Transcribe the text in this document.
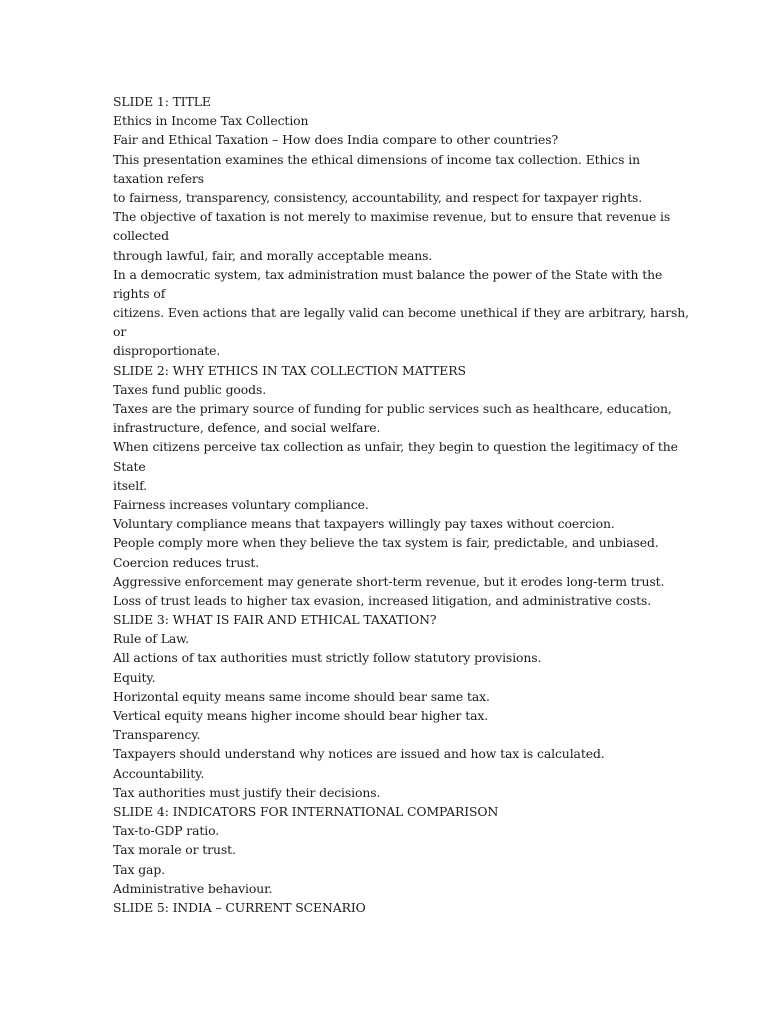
SLIDE 1: TITLE
Ethics in Income Tax Collection
Fair and Ethical Taxation – How does India compare to other countries?
This presentation examines the ethical dimensions of income tax collection. Ethics in
taxation refers
to fairness, transparency, consistency, accountability, and respect for taxpayer rights.
The objective of taxation is not merely to maximise revenue, but to ensure that revenue is
collected
through lawful, fair, and morally acceptable means.
In a democratic system, tax administration must balance the power of the State with the
rights of
citizens. Even actions that are legally valid can become unethical if they are arbitrary, harsh,
or
disproportionate.
SLIDE 2: WHY ETHICS IN TAX COLLECTION MATTERS
Taxes fund public goods.
Taxes are the primary source of funding for public services such as healthcare, education,
infrastructure, defence, and social welfare.
When citizens perceive tax collection as unfair, they begin to question the legitimacy of the
State
itself.
Fairness increases voluntary compliance.
Voluntary compliance means that taxpayers willingly pay taxes without coercion.
People comply more when they believe the tax system is fair, predictable, and unbiased.
Coercion reduces trust.
Aggressive enforcement may generate short-term revenue, but it erodes long-term trust.
Loss of trust leads to higher tax evasion, increased litigation, and administrative costs.
SLIDE 3: WHAT IS FAIR AND ETHICAL TAXATION?
Rule of Law.
All actions of tax authorities must strictly follow statutory provisions.
Equity.
Horizontal equity means same income should bear same tax.
Vertical equity means higher income should bear higher tax.
Transparency.
Taxpayers should understand why notices are issued and how tax is calculated.
Accountability.
Tax authorities must justify their decisions.
SLIDE 4: INDICATORS FOR INTERNATIONAL COMPARISON
Tax-to-GDP ratio.
Tax morale or trust.
Tax gap.
Administrative behaviour.
SLIDE 5: INDIA – CURRENT SCENARIO
